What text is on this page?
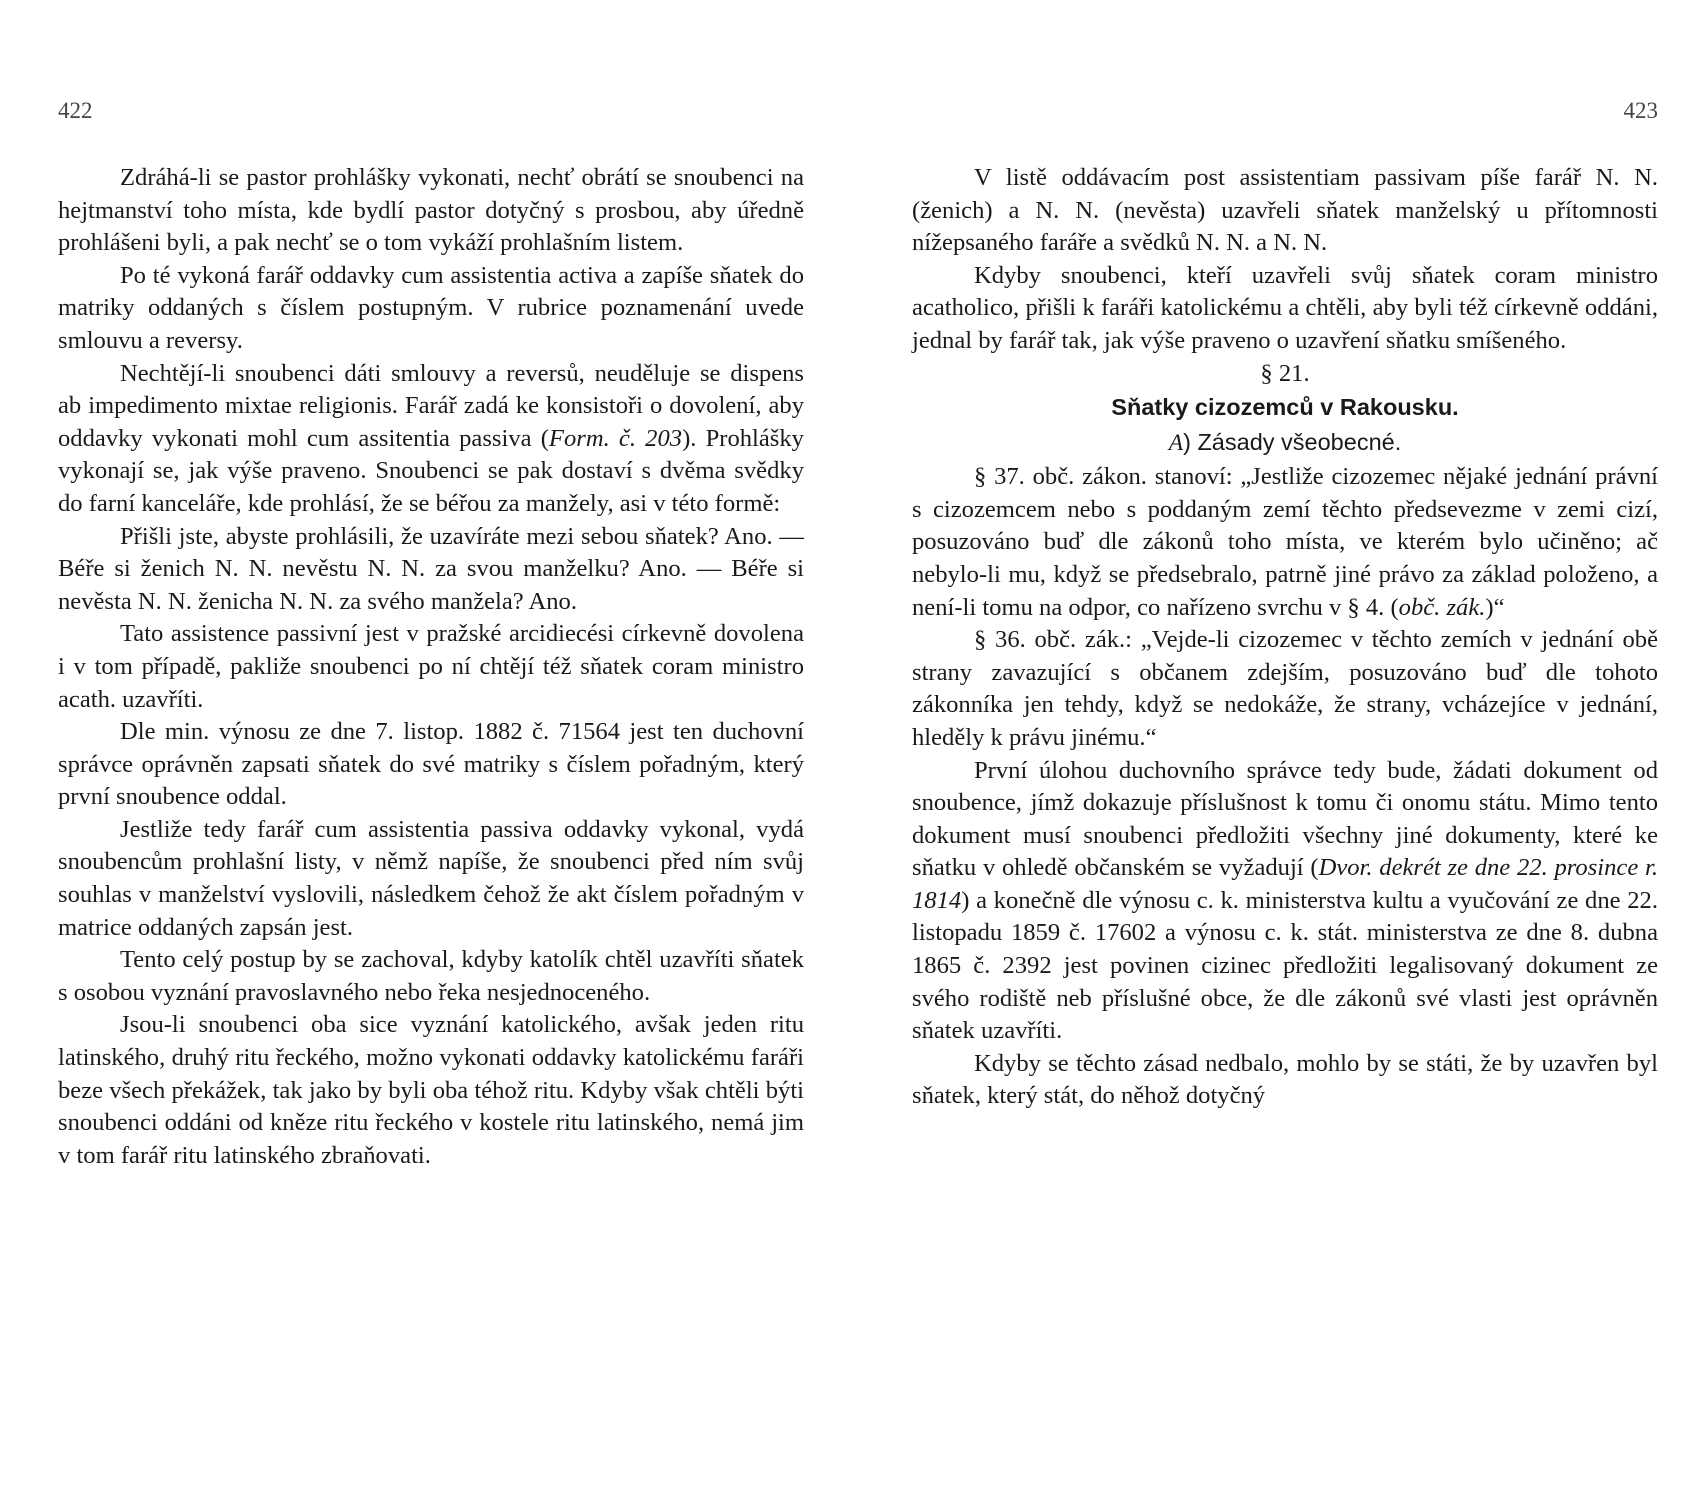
422

Zdráhá-li se pastor prohlášky vykonati, nechť obrátí se snoubenci na hejtmanství toho místa, kde bydlí pastor dotyčný s prosbou, aby úředně prohlášeni byli, a pak nechť se o tom vykáží prohlašním listem.

Po té vykoná farář oddavky cum assistentia activa a zapíše sňatek do matriky oddaných s číslem postupným. V rubrice poznamenání uvede smlouvu a reversy.

Nechtějí-li snoubenci dáti smlouvy a reversů, neuděluje se dispens ab impedimento mixtae religionis. Farář zadá ke konsistoři o dovolení, aby oddavky vykonati mohl cum assitentia passiva (Form. č. 203). Prohlášky vykonají se, jak výše praveno. Snoubenci se pak dostaví s dvěma svědky do farní kanceláře, kde prohlásí, že se béřou za manžely, asi v této formě:

Přišli jste, abyste prohlásili, že uzavíráte mezi sebou sňatek? Ano. — Béře si ženich N. N. nevěstu N. N. za svou manželku? Ano. — Béře si nevěsta N. N. ženicha N. N. za svého manžela? Ano.

Tato assistence passivní jest v pražské arcidiecési církevně dovolena i v tom případě, pakliže snoubenci po ní chtějí též sňatek coram ministro acath. uzavříti.

Dle min. výnosu ze dne 7. listop. 1882 č. 71564 jest ten duchovní správce oprávněn zapsati sňatek do své matriky s číslem pořadným, který první snoubence oddal.

Jestliže tedy farář cum assistentia passiva oddavky vykonal, vydá snoubencům prohlašní listy, v němž napíše, že snoubenci před ním svůj souhlas v manželství vyslovili, následkem čehož že akt číslem pořadným v matrice oddaných zapsán jest.

Tento celý postup by se zachoval, kdyby katolík chtěl uzavříti sňatek s osobou vyznání pravoslavného nebo řeka nesjednoceného.

Jsou-li snoubenci oba sice vyznání katolického, avšak jeden ritu latinského, druhý ritu řeckého, možno vykonati oddavky katolickému faráři beze všech překážek, tak jako by byli oba téhož ritu. Kdyby však chtěli býti snoubenci oddáni od kněze ritu řeckého v kostele ritu latinského, nemá jim v tom farář ritu latinského zbraňovati.

423

V listě oddávacím post assistentiam passivam píše farář N. N. (ženich) a N. N. (nevěsta) uzavřeli sňatek manželský u přítomnosti nížepsaného faráře a svědků N. N. a N. N.

Kdyby snoubenci, kteří uzavřeli svůj sňatek coram ministro acatholico, přišli k faráři katolickému a chtěli, aby byli též církevně oddáni, jednal by farář tak, jak výše praveno o uzavření sňatku smíšeného.

§ 21.

Sňatky cizozemců v Rakousku.

A) Zásady všeobecné.

§ 37. obč. zákon. stanoví: „Jestliže cizozemec nějaké jednání právní s cizozemcem nebo s poddaným zemí těchto předsevezme v zemi cizí, posuzováno buď dle zákonů toho místa, ve kterém bylo učiněno; ač nebylo-li mu, když se předsebralo, patrně jiné právo za základ položeno, a není-li tomu na odpor, co nařízeno svrchu v § 4. (obč. zák.)“

§ 36. obč. zák.: „Vejde-li cizozemec v těchto zemích v jednání obě strany zavazující s občanem zdejším, posuzováno buď dle tohoto zákonníka jen tehdy, když se nedokáže, že strany, vcházejíce v jednání, hleděly k právu jinému.“

První úlohou duchovního správce tedy bude, žádati dokument od snoubence, jímž dokazuje příslušnost k tomu či onomu státu. Mimo tento dokument musí snoubenci předložiti všechny jiné dokumenty, které ke sňatku v ohledě občanském se vyžadují (Dvor. dekrét ze dne 22. prosince r. 1814) a konečně dle výnosu c. k. ministerstva kultu a vyučování ze dne 22. listopadu 1859 č. 17602 a výnosu c. k. stát. ministerstva ze dne 8. dubna 1865 č. 2392 jest povinen cizinec předložiti legalisovaný dokument ze svého rodiště neb příslušné obce, že dle zákonů své vlasti jest oprávněn sňatek uzavříti.

Kdyby se těchto zásad nedbalo, mohlo by se státi, že by uzavřen byl sňatek, který stát, do něhož dotyčný
